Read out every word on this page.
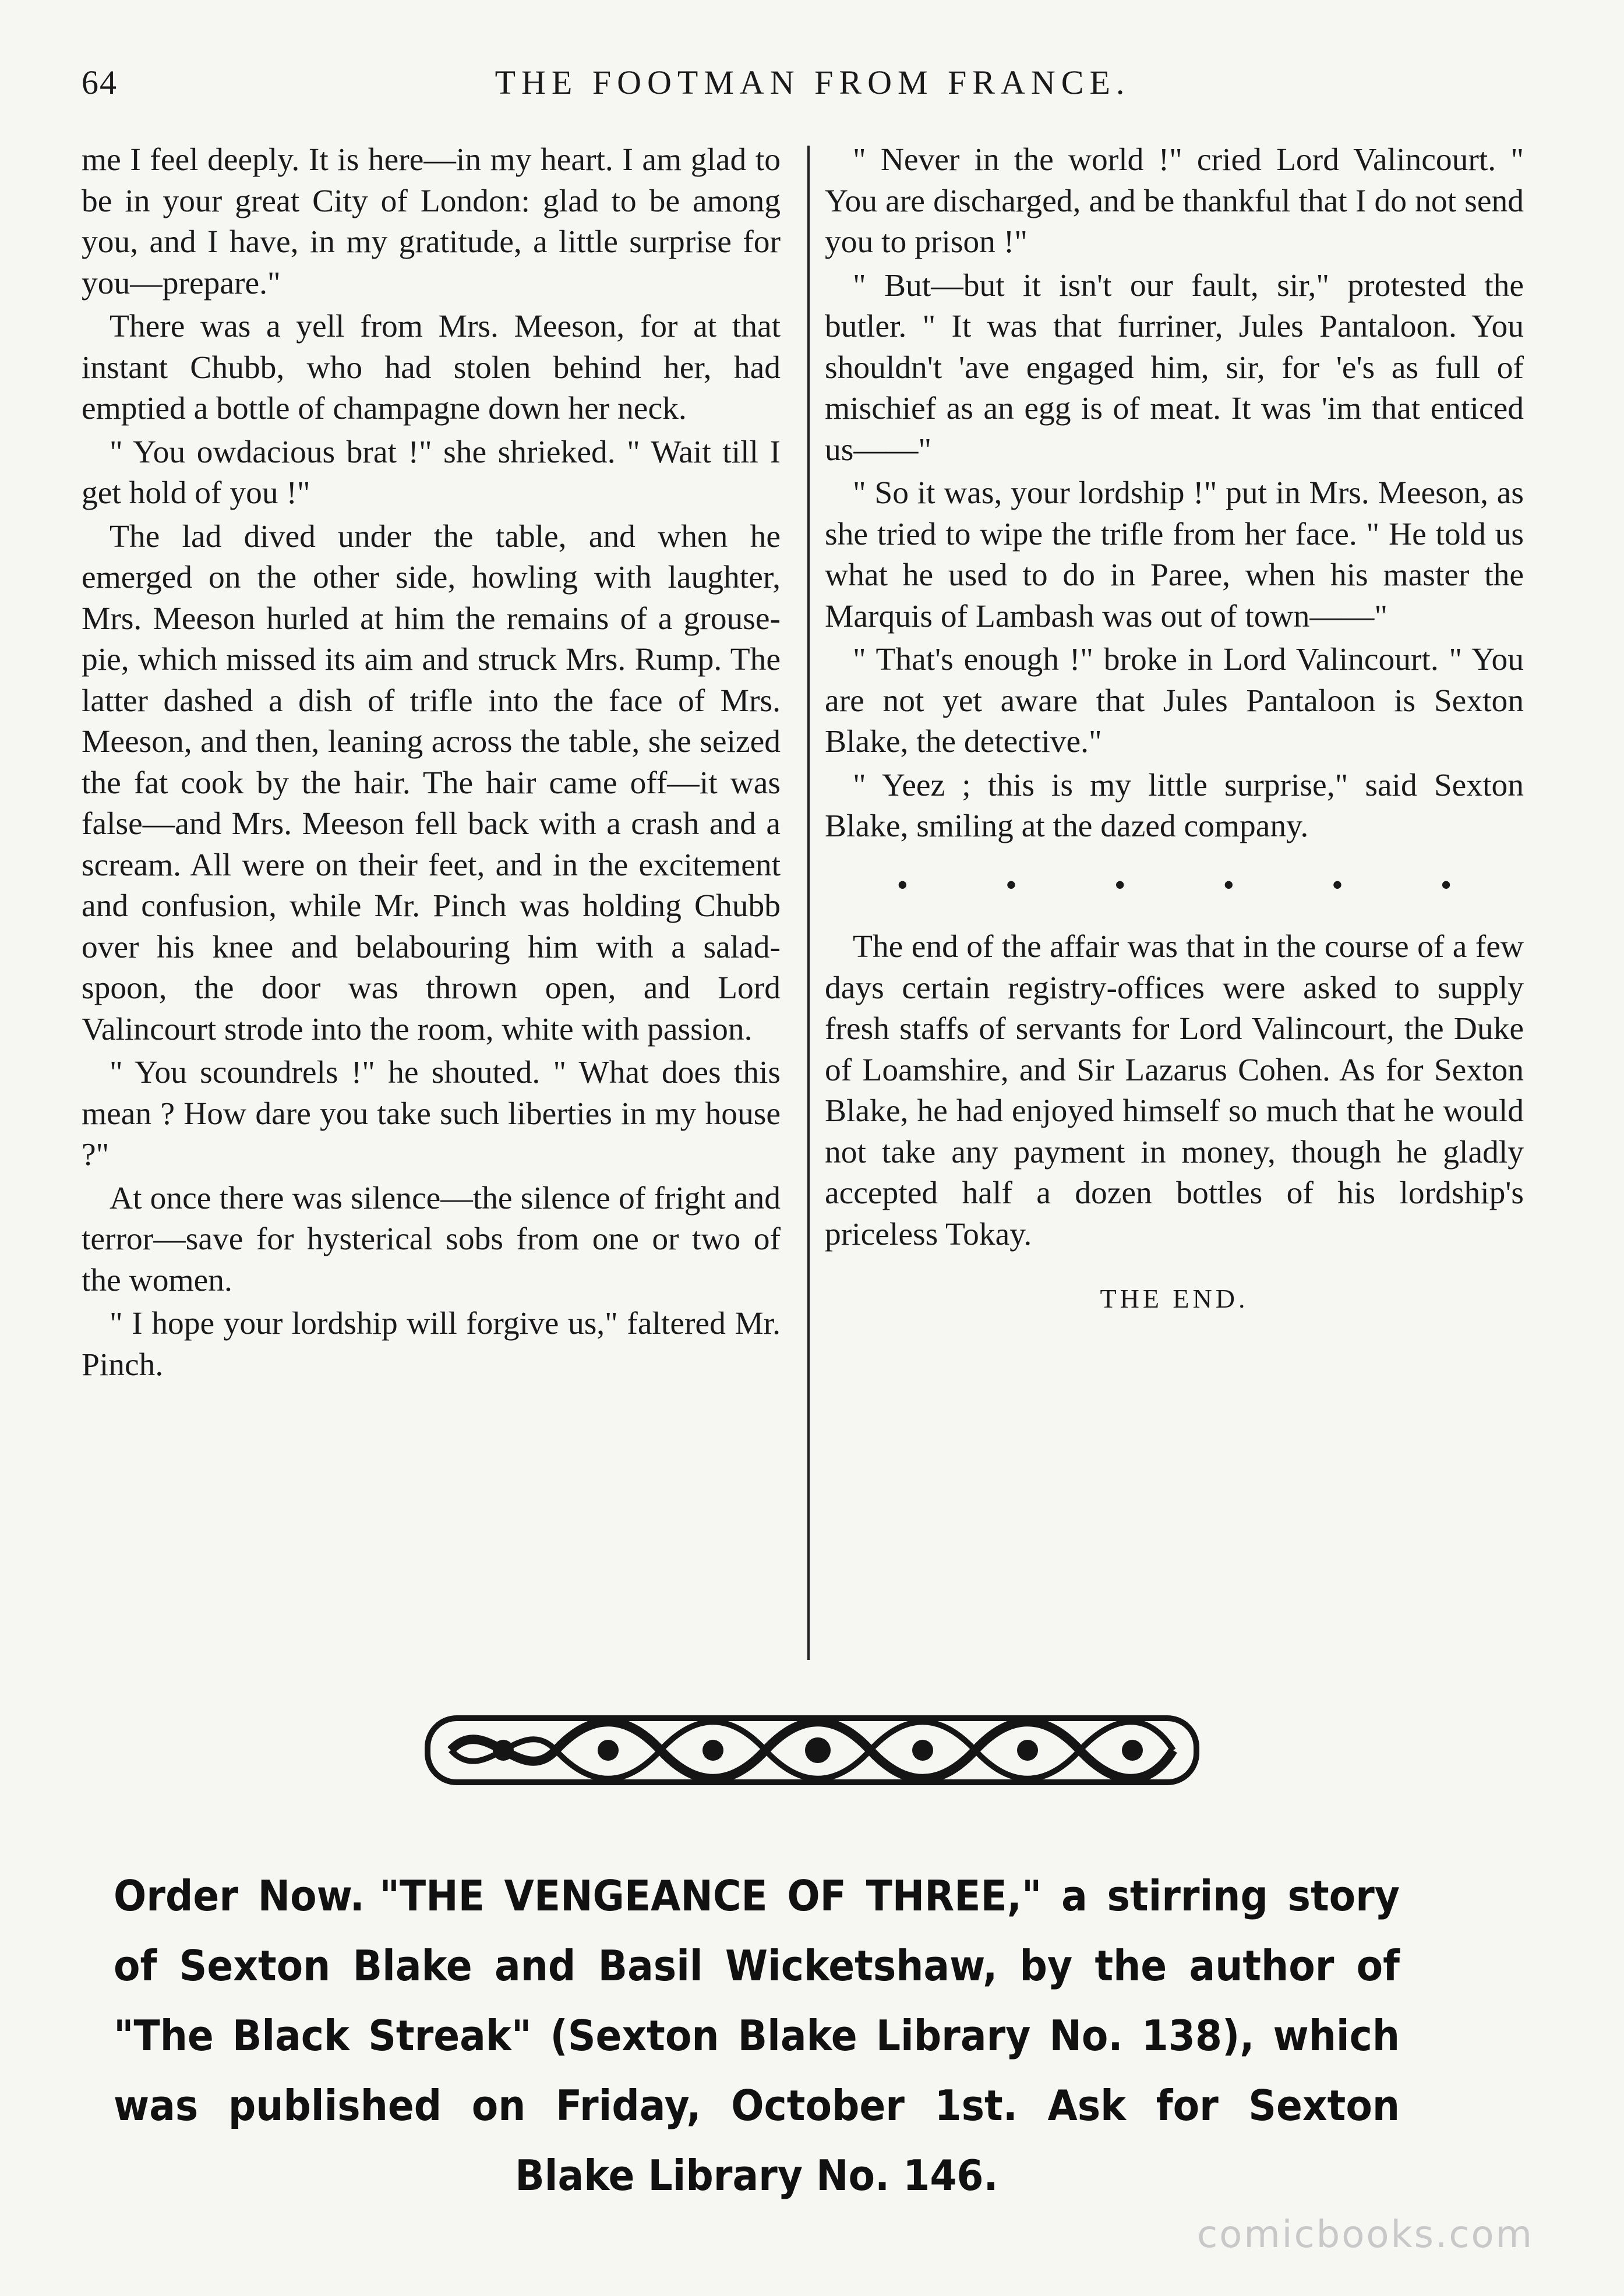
64	THE FOOTMAN FROM FRANCE.

me I feel deeply. It is here—in my heart. I am glad to be in your great City of London: glad to be among you, and I have, in my gratitude, a little surprise for you—prepare."

There was a yell from Mrs. Meeson, for at that instant Chubb, who had stolen behind her, had emptied a bottle of champagne down her neck.

" You owdacious brat !" she shrieked. " Wait till I get hold of you !"

The lad dived under the table, and when he emerged on the other side, howling with laughter, Mrs. Meeson hurled at him the remains of a grouse-pie, which missed its aim and struck Mrs. Rump. The latter dashed a dish of trifle into the face of Mrs. Meeson, and then, leaning across the table, she seized the fat cook by the hair. The hair came off—it was false—and Mrs. Meeson fell back with a crash and a scream. All were on their feet, and in the excitement and confusion, while Mr. Pinch was holding Chubb over his knee and belabouring him with a salad-spoon, the door was thrown open, and Lord Valincourt strode into the room, white with passion.

" You scoundrels !" he shouted. " What does this mean ? How dare you take such liberties in my house ?"

At once there was silence—the silence of fright and terror—save for hysterical sobs from one or two of the women.

" I hope your lordship will forgive us," faltered Mr. Pinch.

" Never in the world !" cried Lord Valincourt. " You are discharged, and be thankful that I do not send you to prison !"

" But—but it isn't our fault, sir," protested the butler. " It was that furriner, Jules Pantaloon. You shouldn't 'ave engaged him, sir, for 'e's as full of mischief as an egg is of meat. It was 'im that enticed us——"

" So it was, your lordship !" put in Mrs. Meeson, as she tried to wipe the trifle from her face. " He told us what he used to do in Paree, when his master the Marquis of Lambash was out of town——"

" That's enough !" broke in Lord Valincourt. " You are not yet aware that Jules Pantaloon is Sexton Blake, the detective."

" Yeez ; this is my little surprise," said Sexton Blake, smiling at the dazed company.

•	•	•	•	•	•

The end of the affair was that in the course of a few days certain registry-offices were asked to supply fresh staffs of servants for Lord Valincourt, the Duke of Loamshire, and Sir Lazarus Cohen. As for Sexton Blake, he had enjoyed himself so much that he would not take any payment in money, though he gladly accepted half a dozen bottles of his lordship's priceless Tokay.

THE END.
Order Now. "THE VENGEANCE OF THREE," a stirring story of Sexton Blake and Basil Wicketshaw, by the author of "The Black Streak" (Sexton Blake Library No. 138), which was published on Friday, October 1st. Ask for Sexton Blake Library No. 146.
comicbooks.com
